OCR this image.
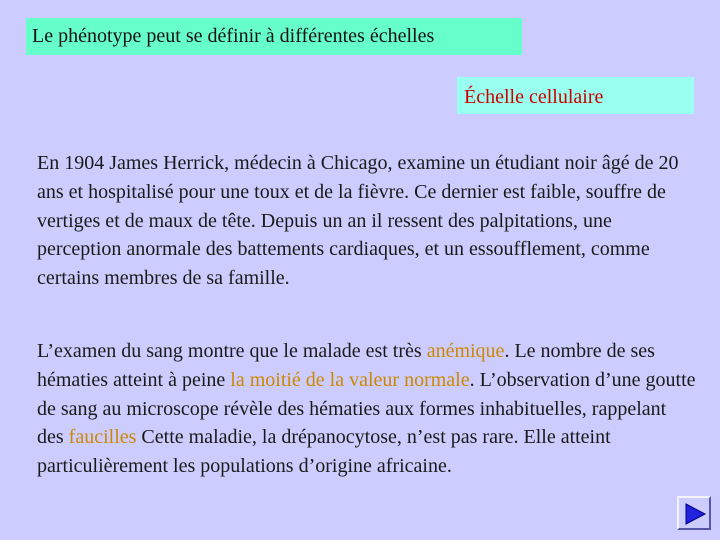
Le phénotype peut se définir à différentes échelles
Échelle cellulaire

En 1904 James Herrick, médecin à Chicago, examine un étudiant noir âgé de 20 ans et hospitalisé pour une toux et de la fièvre. Ce dernier est faible, souffre de vertiges et de maux de tête. Depuis un an il ressent des palpitations, une perception anormale des battements cardiaques, et un essoufflement, comme certains membres de sa famille.

L’examen du sang montre que le malade est très anémique. Le nombre de ses hématies atteint à peine la moitié de la valeur normale. L’observation d’une goutte de sang au microscope révèle des hématies aux formes inhabituelles, rappelant des faucilles Cette maladie, la drépanocytose, n’est pas rare. Elle atteint particulièrement les populations d’origine africaine.
